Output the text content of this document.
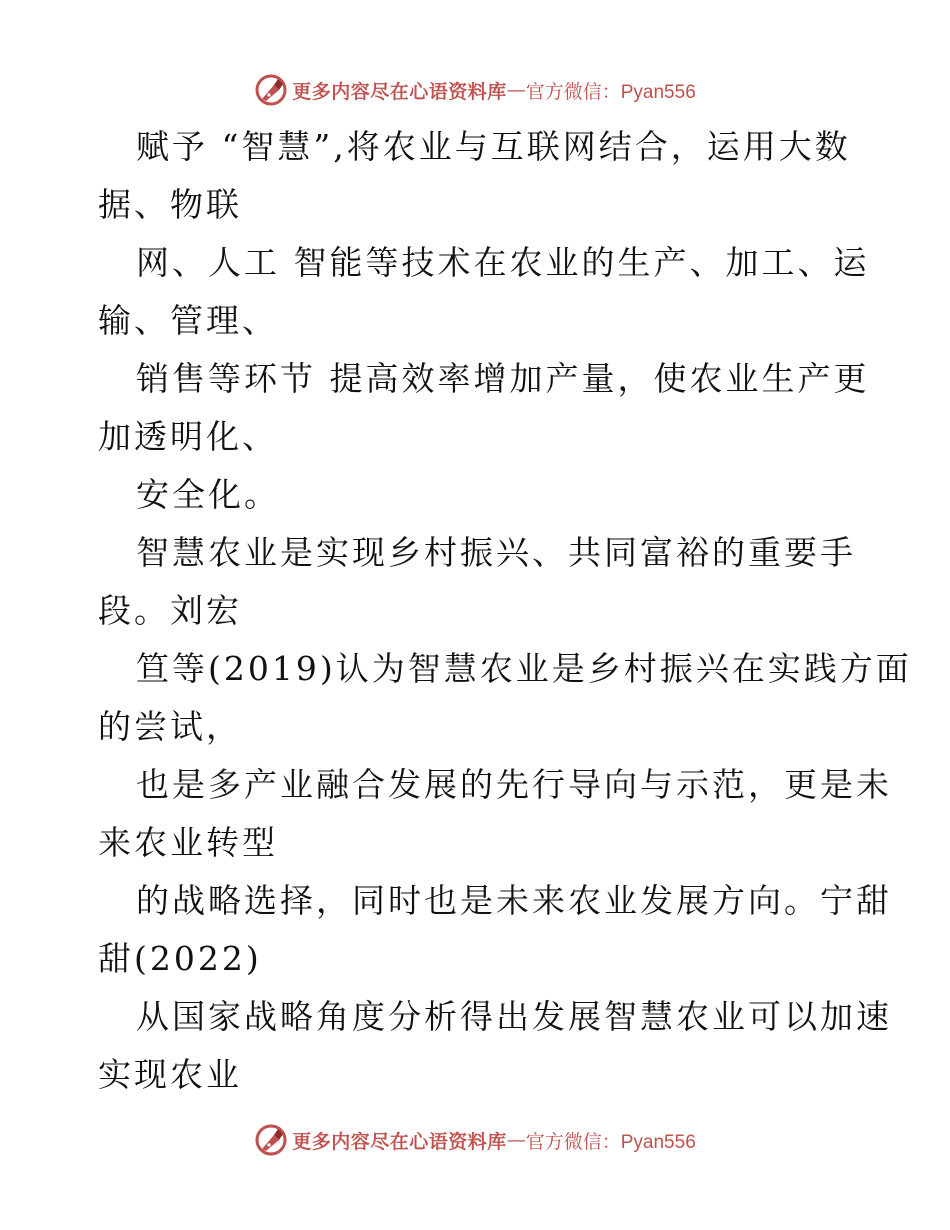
更多内容尽在心语资料库 — 官方微信：Pyan556
赋予 “智慧”,将农业与互联网结合，运用大数
据、物联
网、人工 智能等技术在农业的生产、加工、运
输、管理、
销售等环节 提高效率增加产量，使农业生产更
加透明化、
安全化。
智慧农业是实现乡村振兴、共同富裕的重要手
段。刘宏
笪等(2019)认为智慧农业是乡村振兴在实践方面
的尝试，
也是多产业融合发展的先行导向与示范，更是未
来农业转型
的战略选择，同时也是未来农业发展方向。宁甜
甜(2022)
从国家战略角度分析得出发展智慧农业可以加速
实现农业
更多内容尽在心语资料库 — 官方微信：Pyan556
